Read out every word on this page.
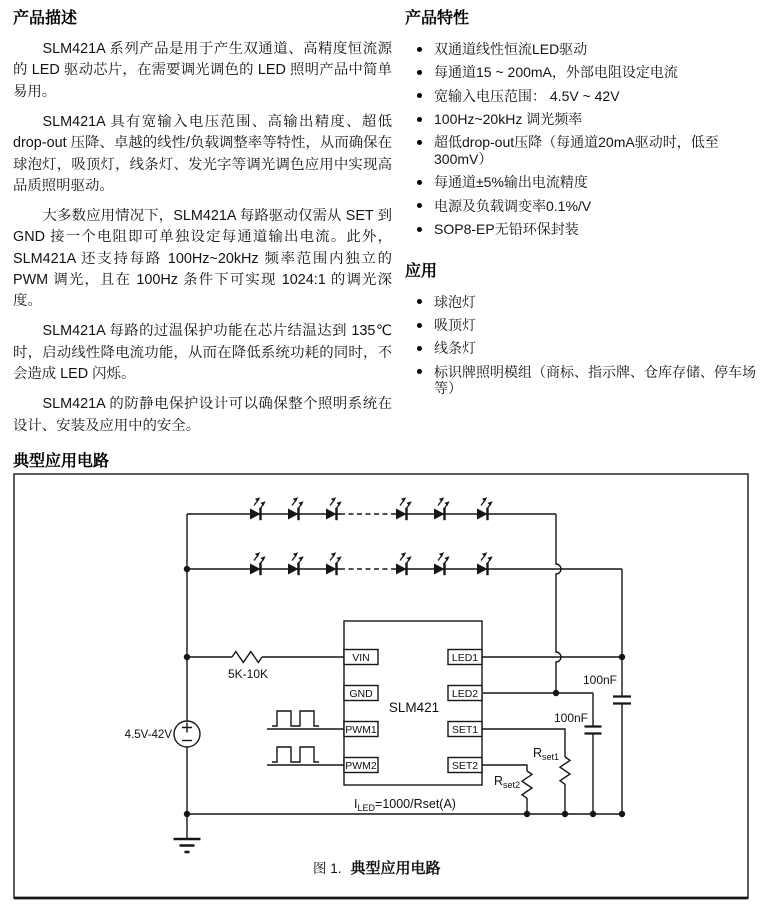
产品描述

SLM421A 系列产品是用于产生双通道、高精度恒流源的 LED 驱动芯片，在需要调光调色的 LED 照明产品中简单易用。

SLM421A 具有宽输入电压范围、高输出精度、超低 drop-out 压降、卓越的线性/负载调整率等特性，从而确保在球泡灯，吸顶灯，线条灯、发光字等调光调色应用中实现高品质照明驱动。

大多数应用情况下，SLM421A 每路驱动仅需从 SET 到 GND 接一个电阻即可单独设定每通道输出电流。此外，SLM421A 还支持每路 100Hz~20kHz 频率范围内独立的 PWM 调光，且在 100Hz 条件下可实现 1024:1 的调光深度。

SLM421A 每路的过温保护功能在芯片结温达到 135℃时，启动线性降电流功能，从而在降低系统功耗的同时，不会造成 LED 闪烁。

SLM421A 的防静电保护设计可以确保整个照明系统在设计、安装及应用中的安全。

产品特性
双通道线性恒流LED驱动
每通道15 ~ 200mA，外部电阻设定电流
宽输入电压范围： 4.5V ~ 42V
100Hz~20kHz 调光频率
超低drop-out压降（每通道20mA驱动时，低至300mV）
每通道±5%输出电流精度
电源及负载调变率0.1%/V
SOP8-EP无铅环保封装
应用
球泡灯
吸顶灯
线条灯
标识牌照明模组（商标、指示牌、仓库存储、停车场等）
典型应用电路
5K-10K
4.5V-42V
100nF
100nF
$R_{set1}$
$R_{set2}$
VIN
GND
PWM1
PWM2
LED1
LED2
SET1
SET2
SLM421
$I_{LED}=1000/Rset(A)$
图 1. 典型应用电路
